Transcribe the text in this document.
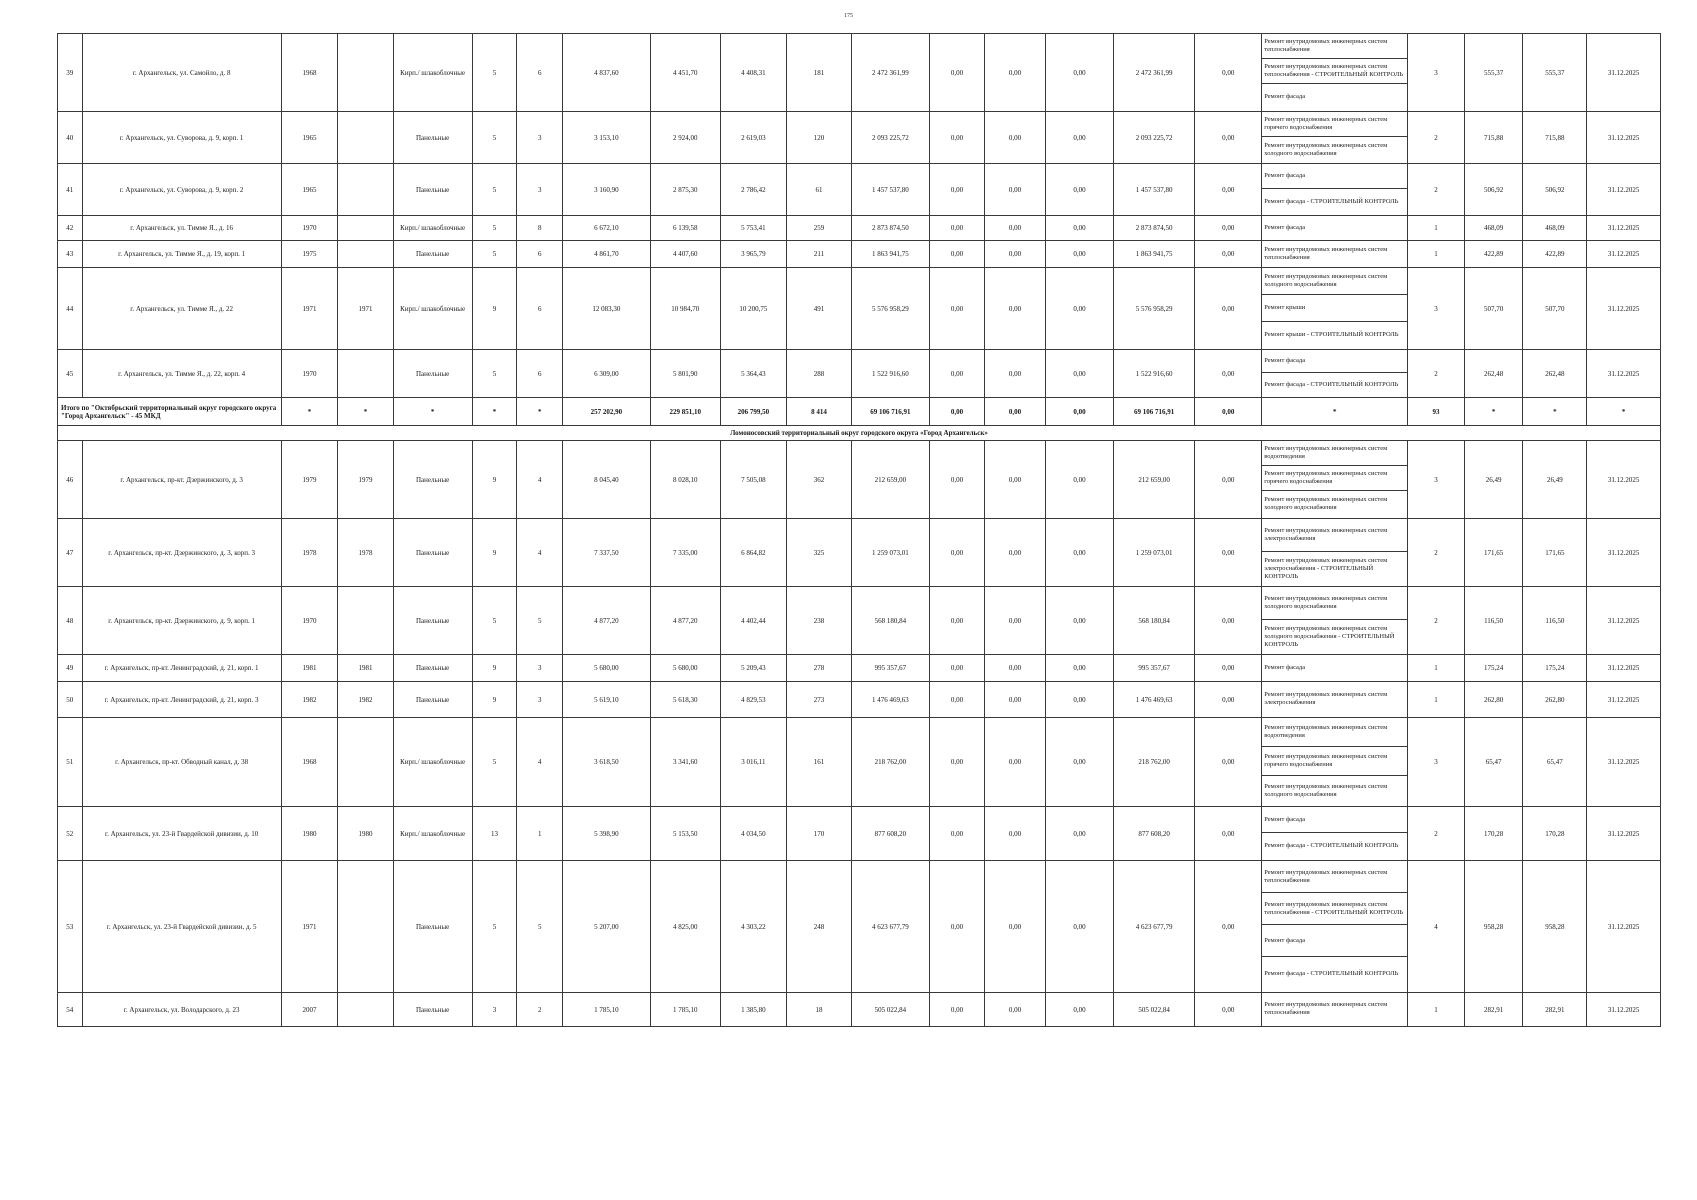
175
39	г. Архангельск, ул. Самойло, д. 8	1968		Кирп./ шлакоблочные	5	6	4 837,60	4 451,70	4 408,31	181	2 472 361,99	0,00	0,00	0,00	2 472 361,99	0,00	Ремонт внутридомовых инженерных систем теплоснабжения
Ремонт внутридомовых инженерных систем теплоснабжения - СТРОИТЕЛЬНЫЙ КОНТРОЛЬ
Ремонт фасада	3	555,37	555,37	31.12.2025
40	г. Архангельск, ул. Суворова, д. 9, корп. 1	1965		Панельные	5	3	3 153,10	2 924,00	2 619,03	120	2 093 225,72	0,00	0,00	0,00	2 093 225,72	0,00	Ремонт внутридомовых инженерных систем горячего водоснабжения
Ремонт внутридомовых инженерных систем холодного водоснабжения	2	715,88	715,88	31.12.2025
41	г. Архангельск, ул. Суворова, д. 9, корп. 2	1965		Панельные	5	3	3 160,90	2 875,30	2 786,42	61	1 457 537,80	0,00	0,00	0,00	1 457 537,80	0,00	Ремонт фасада
Ремонт фасада - СТРОИТЕЛЬНЫЙ КОНТРОЛЬ	2	506,92	506,92	31.12.2025
42	г. Архангельск, ул. Тимме Я., д. 16	1970		Кирп./ шлакоблочные	5	8	6 672,10	6 139,58	5 753,41	259	2 873 874,50	0,00	0,00	0,00	2 873 874,50	0,00	Ремонт фасада	1	468,09	468,09	31.12.2025
43	г. Архангельск, ул. Тимме Я., д. 19, корп. 1	1975		Панельные	5	6	4 861,70	4 407,60	3 965,79	211	1 863 941,75	0,00	0,00	0,00	1 863 941,75	0,00	Ремонт внутридомовых инженерных систем теплоснабжения	1	422,89	422,89	31.12.2025
44	г. Архангельск, ул. Тимме Я., д. 22	1971	1971	Кирп./ шлакоблочные	9	6	12 083,30	10 984,70	10 200,75	491	5 576 958,29	0,00	0,00	0,00	5 576 958,29	0,00	Ремонт внутридомовых инженерных систем холодного водоснабжения
Ремонт крыши
Ремонт крыши - СТРОИТЕЛЬНЫЙ КОНТРОЛЬ	3	507,70	507,70	31.12.2025
45	г. Архангельск, ул. Тимме Я., д. 22, корп. 4	1970		Панельные	5	6	6 309,00	5 801,90	5 364,43	288	1 522 916,60	0,00	0,00	0,00	1 522 916,60	0,00	Ремонт фасада
Ремонт фасада - СТРОИТЕЛЬНЫЙ КОНТРОЛЬ	2	262,48	262,48	31.12.2025
Итого по "Октябрьский территориальный округ городского округа "Город Архангельск" - 45 МКД		*	*	*	*	*	257 202,90	229 851,10	206 799,50	8 414	69 106 716,91	0,00	0,00	0,00	69 106 716,91	0,00	*	93	*	*	*
Ломоносовский территориальный округ городского округа «Город Архангельск»																					
46	г. Архангельск, пр-кт. Дзержинского, д. 3	1979	1979	Панельные	9	4	8 045,40	8 028,10	7 505,08	362	212 659,00	0,00	0,00	0,00	212 659,00	0,00	Ремонт внутридомовых инженерных систем водоотведения
Ремонт внутридомовых инженерных систем горячего водоснабжения
Ремонт внутридомовых инженерных систем холодного водоснабжения	3	26,49	26,49	31.12.2025
47	г. Архангельск, пр-кт. Дзержинского, д. 3, корп. 3	1978	1978	Панельные	9	4	7 337,50	7 335,00	6 864,82	325	1 259 073,01	0,00	0,00	0,00	1 259 073,01	0,00	Ремонт внутридомовых инженерных систем электроснабжения
Ремонт внутридомовых инженерных систем электроснабжения - СТРОИТЕЛЬНЫЙ КОНТРОЛЬ	2	171,65	171,65	31.12.2025
48	г. Архангельск, пр-кт. Дзержинского, д. 9, корп. 1	1970		Панельные	5	5	4 877,20	4 877,20	4 402,44	238	568 180,84	0,00	0,00	0,00	568 180,84	0,00	Ремонт внутридомовых инженерных систем холодного водоснабжения
Ремонт внутридомовых инженерных систем холодного водоснабжения - СТРОИТЕЛЬНЫЙ КОНТРОЛЬ	2	116,50	116,50	31.12.2025
49	г. Архангельск, пр-кт. Ленинградский, д. 21, корп. 1	1981	1981	Панельные	9	3	5 680,00	5 680,00	5 209,43	278	995 357,67	0,00	0,00	0,00	995 357,67	0,00	Ремонт фасада	1	175,24	175,24	31.12.2025
50	г. Архангельск, пр-кт. Ленинградский, д. 21, корп. 3	1982	1982	Панельные	9	3	5 619,10	5 618,30	4 829,53	273	1 476 469,63	0,00	0,00	0,00	1 476 469,63	0,00	Ремонт внутридомовых инженерных систем электроснабжения	1	262,80	262,80	31.12.2025
51	г. Архангельск, пр-кт. Обводный канал, д. 38	1968		Кирп./ шлакоблочные	5	4	3 618,50	3 341,60	3 016,11	161	218 762,00	0,00	0,00	0,00	218 762,00	0,00	Ремонт внутридомовых инженерных систем водоотведения
Ремонт внутридомовых инженерных систем горячего водоснабжения
Ремонт внутридомовых инженерных систем холодного водоснабжения	3	65,47	65,47	31.12.2025
52	г. Архангельск, ул. 23-й Гвардейской дивизии, д. 10	1980	1980	Кирп./ шлакоблочные	13	1	5 398,90	5 153,50	4 034,50	170	877 608,20	0,00	0,00	0,00	877 608,20	0,00	Ремонт фасада
Ремонт фасада - СТРОИТЕЛЬНЫЙ КОНТРОЛЬ	2	170,28	170,28	31.12.2025
53	г. Архангельск, ул. 23-й Гвардейской дивизии, д. 5	1971		Панельные	5	5	5 207,00	4 825,00	4 303,22	248	4 623 677,79	0,00	0,00	0,00	4 623 677,79	0,00	Ремонт внутридомовых инженерных систем теплоснабжения
Ремонт внутридомовых инженерных систем теплоснабжения - СТРОИТЕЛЬНЫЙ КОНТРОЛЬ
Ремонт фасада
Ремонт фасада - СТРОИТЕЛЬНЫЙ КОНТРОЛЬ	4	958,28	958,28	31.12.2025
54	г. Архангельск, ул. Володарского, д. 23	2007		Панельные	3	2	1 785,10	1 785,10	1 385,80	18	505 022,84	0,00	0,00	0,00	505 022,84	0,00	Ремонт внутридомовых инженерных систем теплоснабжения	1	282,91	282,91	31.12.2025
